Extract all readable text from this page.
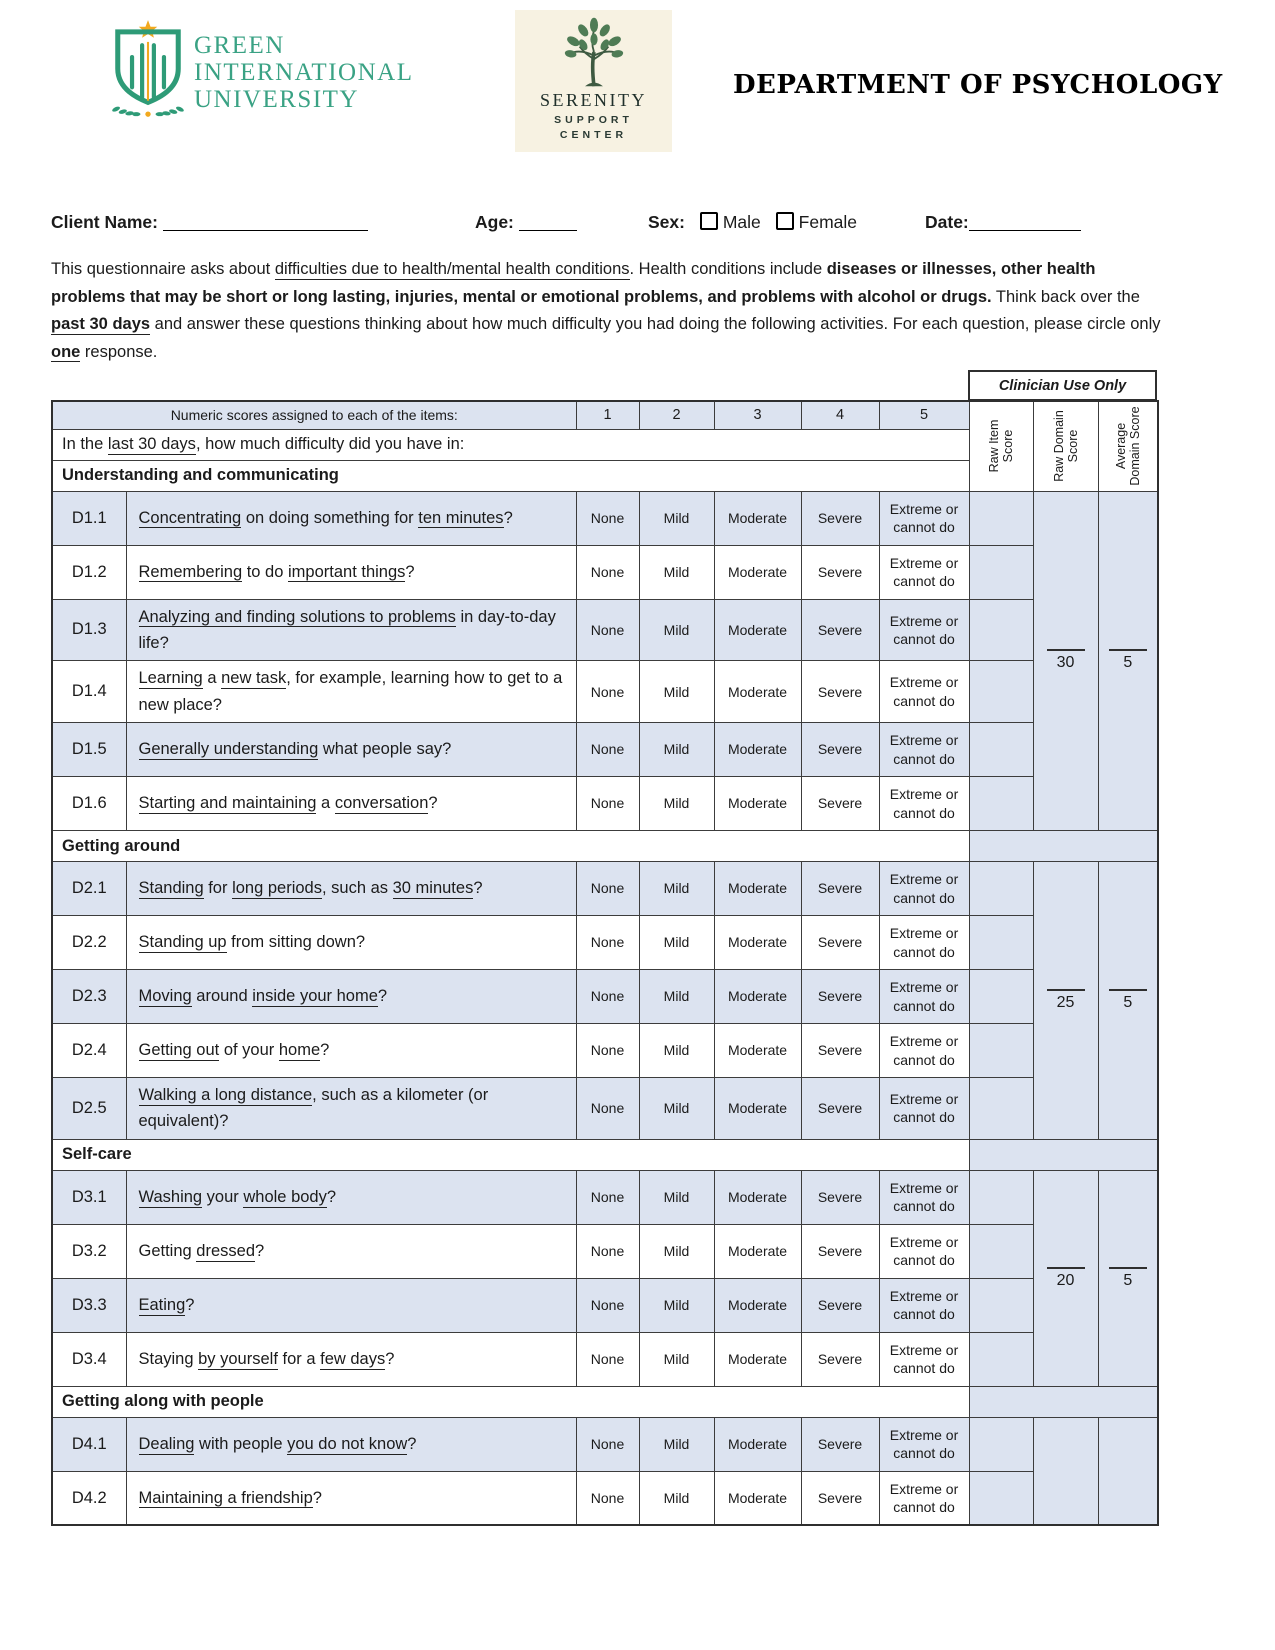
GREEN
INTERNATIONAL
UNIVERSITY	SERENITY
SUPPORT
CENTER
DEPARTMENT OF PSYCHOLOGY
Client Name:	Age:	Sex: Male Female	Date:
This questionnaire asks about difficulties due to health/mental health conditions. Health conditions include diseases or illnesses, other health problems that may be short or long lasting, injuries, mental or emotional problems, and problems with alcohol or drugs. Think back over the past 30 days and answer these questions thinking about how much difficulty you had doing the following activities. For each question, please circle only one response.
Clinician Use Only
Numeric scores assigned to each of the items:		1	2	3	4	5	Raw Item Score	Raw Domain Score	Average Domain Score

In the last 30 days, how much difficulty did you have in:									
Understanding and communicating									
D1.1	Concentrating on doing something for ten minutes?	None	Mild	Moderate	Severe	Extreme or cannot do		30	5

D1.2	Remembering to do important things?	None	Mild	Moderate	Severe	Extreme or cannot do			
D1.3	Analyzing and finding solutions to problems in day-to-day life?	None	Mild	Moderate	Severe	Extreme or cannot do			
D1.4	Learning a new task, for example, learning how to get to a new place?	None	Mild	Moderate	Severe	Extreme or cannot do			
D1.5	Generally understanding what people say?	None	Mild	Moderate	Severe	Extreme or cannot do			
D1.6	Starting and maintaining a conversation?	None	Mild	Moderate	Severe	Extreme or cannot do			
Getting around									
D2.1	Standing for long periods, such as 30 minutes?	None	Mild	Moderate	Severe	Extreme or cannot do		25	5

D2.2	Standing up from sitting down?	None	Mild	Moderate	Severe	Extreme or cannot do			
D2.3	Moving around inside your home?	None	Mild	Moderate	Severe	Extreme or cannot do			
D2.4	Getting out of your home?	None	Mild	Moderate	Severe	Extreme or cannot do			
D2.5	Walking a long distance, such as a kilometer (or equivalent)?	None	Mild	Moderate	Severe	Extreme or cannot do			
Self-care									
D3.1	Washing your whole body?	None	Mild	Moderate	Severe	Extreme or cannot do		20	5

D3.2	Getting dressed?	None	Mild	Moderate	Severe	Extreme or cannot do			
D3.3	Eating?	None	Mild	Moderate	Severe	Extreme or cannot do			
D3.4	Staying by yourself for a few days?	None	Mild	Moderate	Severe	Extreme or cannot do			
Getting along with people									
D4.1	Dealing with people you do not know?	None	Mild	Moderate	Severe	Extreme or cannot do			
D4.2	Maintaining a friendship?	None	Mild	Moderate	Severe	Extreme or cannot do			
